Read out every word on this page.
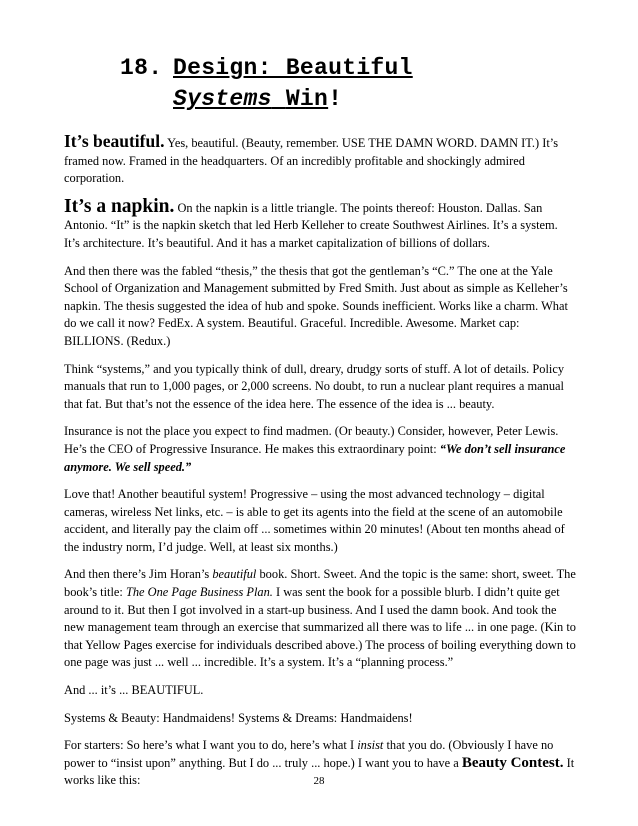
18. Design: Beautiful
Systems Win!

It’s beautiful. Yes, beautiful. (Beauty, remember. USE THE DAMN WORD. DAMN IT.) It’s framed now. Framed in the headquarters. Of an incredibly profitable and shockingly admired corporation.

It’s a napkin. On the napkin is a little triangle. The points thereof: Houston. Dallas. San Antonio. “It” is the napkin sketch that led Herb Kelleher to create Southwest Airlines. It’s a system. It’s architecture. It’s beautiful. And it has a market capitalization of billions of dollars.

And then there was the fabled “thesis,” the thesis that got the gentleman’s “C.” The one at the Yale School of Organization and Management submitted by Fred Smith. Just about as simple as Kelleher’s napkin. The thesis suggested the idea of hub and spoke. Sounds inefficient. Works like a charm. What do we call it now? FedEx. A system. Beautiful. Graceful. Incredible. Awesome. Market cap: BILLIONS. (Redux.)

Think “systems,” and you typically think of dull, dreary, drudgy sorts of stuff. A lot of details. Policy manuals that run to 1,000 pages, or 2,000 screens. No doubt, to run a nuclear plant requires a manual that fat. But that’s not the essence of the idea here. The essence of the idea is ... beauty.

Insurance is not the place you expect to find madmen. (Or beauty.) Consider, however, Peter Lewis. He’s the CEO of Progressive Insurance. He makes this extraordinary point: “We don’t sell insurance anymore. We sell speed.”

Love that! Another beautiful system! Progressive – using the most advanced technology – digital cameras, wireless Net links, etc. – is able to get its agents into the field at the scene of an automobile accident, and literally pay the claim off ... sometimes within 20 minutes! (About ten months ahead of the industry norm, I’d judge. Well, at least six months.)

And then there’s Jim Horan’s beautiful book. Short. Sweet. And the topic is the same: short, sweet. The book’s title: The One Page Business Plan. I was sent the book for a possible blurb. I didn’t quite get around to it. But then I got involved in a start-up business. And I used the damn book. And took the new management team through an exercise that summarized all there was to life ... in one page. (Kin to that Yellow Pages exercise for individuals described above.) The process of boiling everything down to one page was just ... well ... incredible. It’s a system. It’s a “planning process.”

And ... it’s ... BEAUTIFUL.

Systems & Beauty: Handmaidens! Systems & Dreams: Handmaidens!

For starters: So here’s what I want you to do, here’s what I insist that you do. (Obviously I have no power to “insist upon” anything. But I do ... truly ... hope.) I want you to have a Beauty Contest. It works like this:	28
